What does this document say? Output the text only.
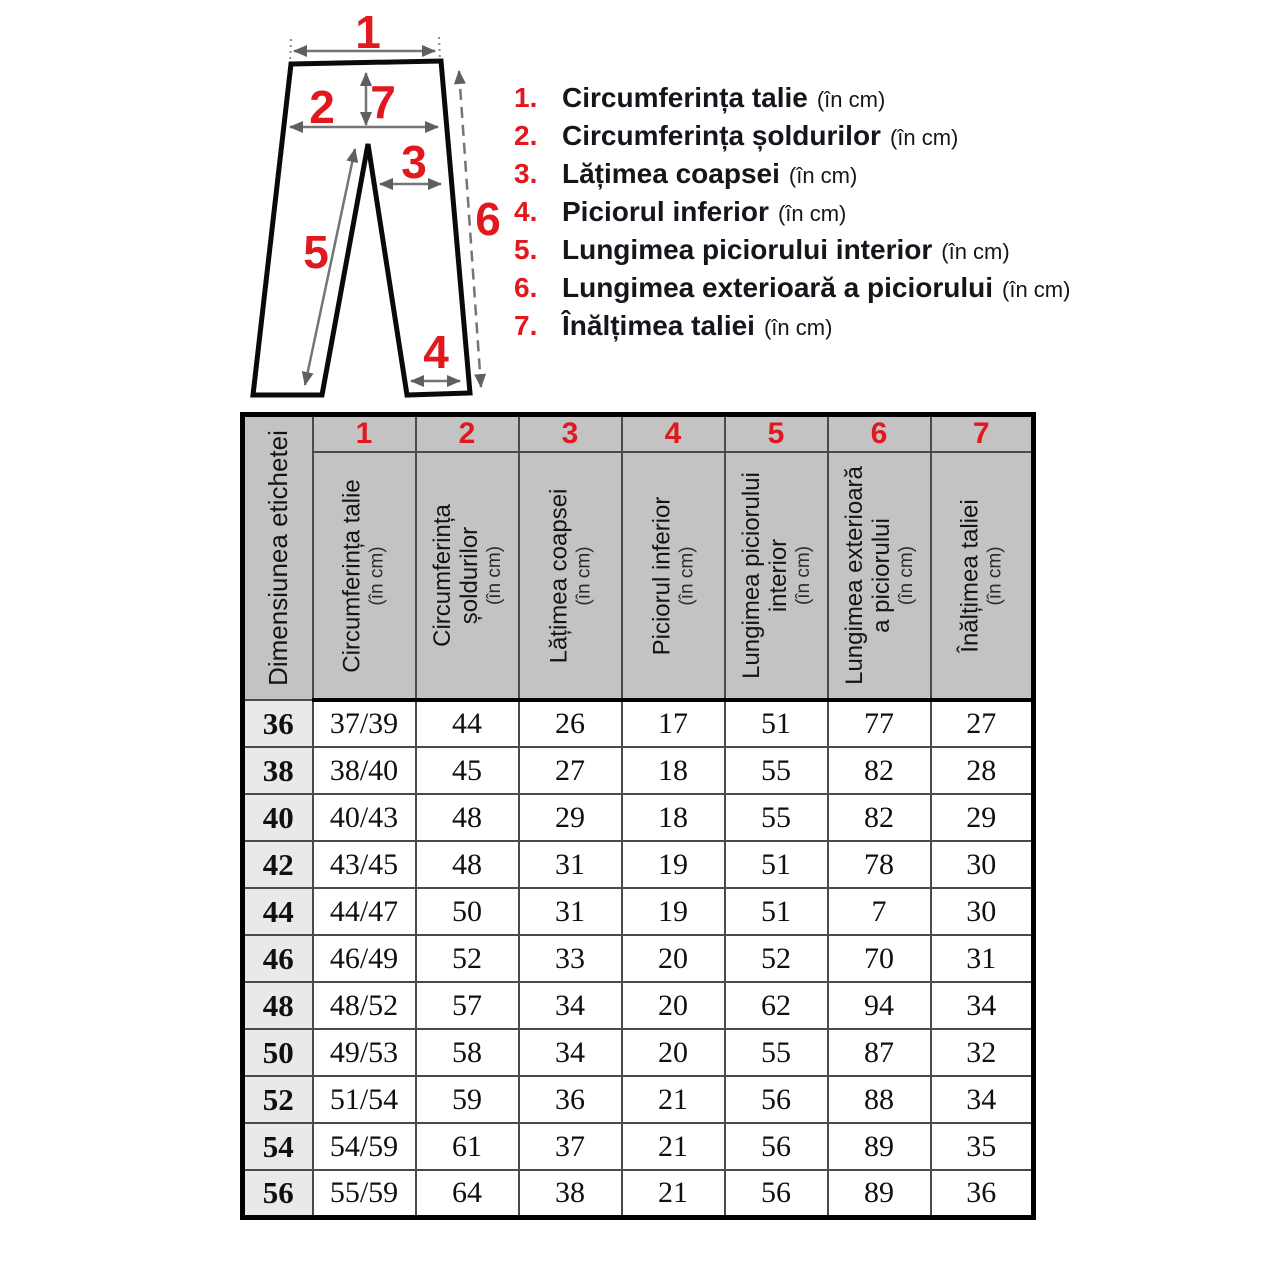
1
2 7
3
5
6
4
1. Circumferința talie (în cm)
2. Circumferința șoldurilor (în cm)
3. Lățimea coapsei (în cm)
4. Piciorul inferior (în cm)
5. Lungimea piciorului interior (în cm)
6. Lungimea exterioară a piciorului (în cm)
7. Înălțimea taliei (în cm)
Dimensiunea etichetei	1	2	3	4	5	6	7

	Circumferința talie (în cm)	Circumferința șoldurilor (în cm)	Lățimea coapsei (în cm)	Piciorul inferior (în cm)	Lungimea piciorului interior (în cm)	Lungimea exterioară a piciorului (în cm)	Înălțimea taliei (în cm)

36	37/39	44	26	17	51	77	27
38	38/40	45	27	18	55	82	28
40	40/43	48	29	18	55	82	29
42	43/45	48	31	19	51	78	30
44	44/47	50	31	19	51	7	30
46	46/49	52	33	20	52	70	31
48	48/52	57	34	20	62	94	34
50	49/53	58	34	20	55	87	32
52	51/54	59	36	21	56	88	34
54	54/59	61	37	21	56	89	35
56	55/59	64	38	21	56	89	36
